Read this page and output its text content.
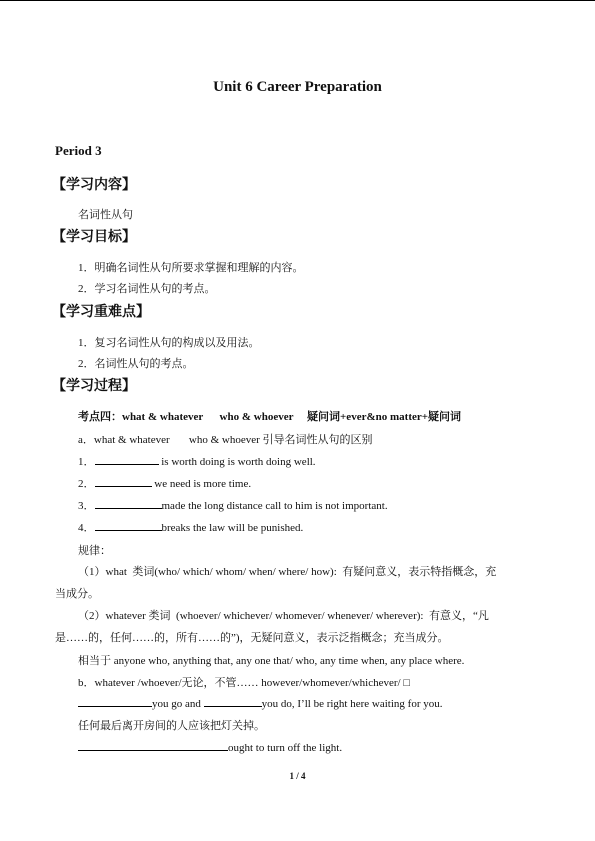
Unit 6 Career Preparation
Period 3
【学习内容】
名词性从句
【学习目标】
1．明确名词性从句所要求掌握和理解的内容。
2．学习名词性从句的考点。
【学习重难点】
1．复习名词性从句的构成以及用法。
2．名词性从句的考点。
【学习过程】
考点四：what & whatever      who & whoever     疑问词+ever&no matter+疑问词
a．what & whatever       who & whoever 引导名词性从句的区别
1．	is worth doing is worth doing well.
2．	we need is more time.
3．	made the long distance call to him is not important.
4．	breaks the law will be punished.
规律：
（1）what  类词(who/ which/ whom/ when/ where/ how):  有疑问意义，表示特指概念，充
当成分。
（2）whatever 类词  (whoever/ whichever/ whomever/ whenever/ wherever):  有意义，“凡
是……的，任何……的，所有……的”)，无疑问意义，表示泛指概念；充当成分。
相当于 anyone who, anything that, any one that/ who, any time when, any place where.
b．whatever /whoever/无论，不管…… however/whomever/whichever/ □
you go and	you do, I’ll be right here waiting for you.
任何最后离开房间的人应该把灯关掉。
ought to turn off the light.
1 / 4
